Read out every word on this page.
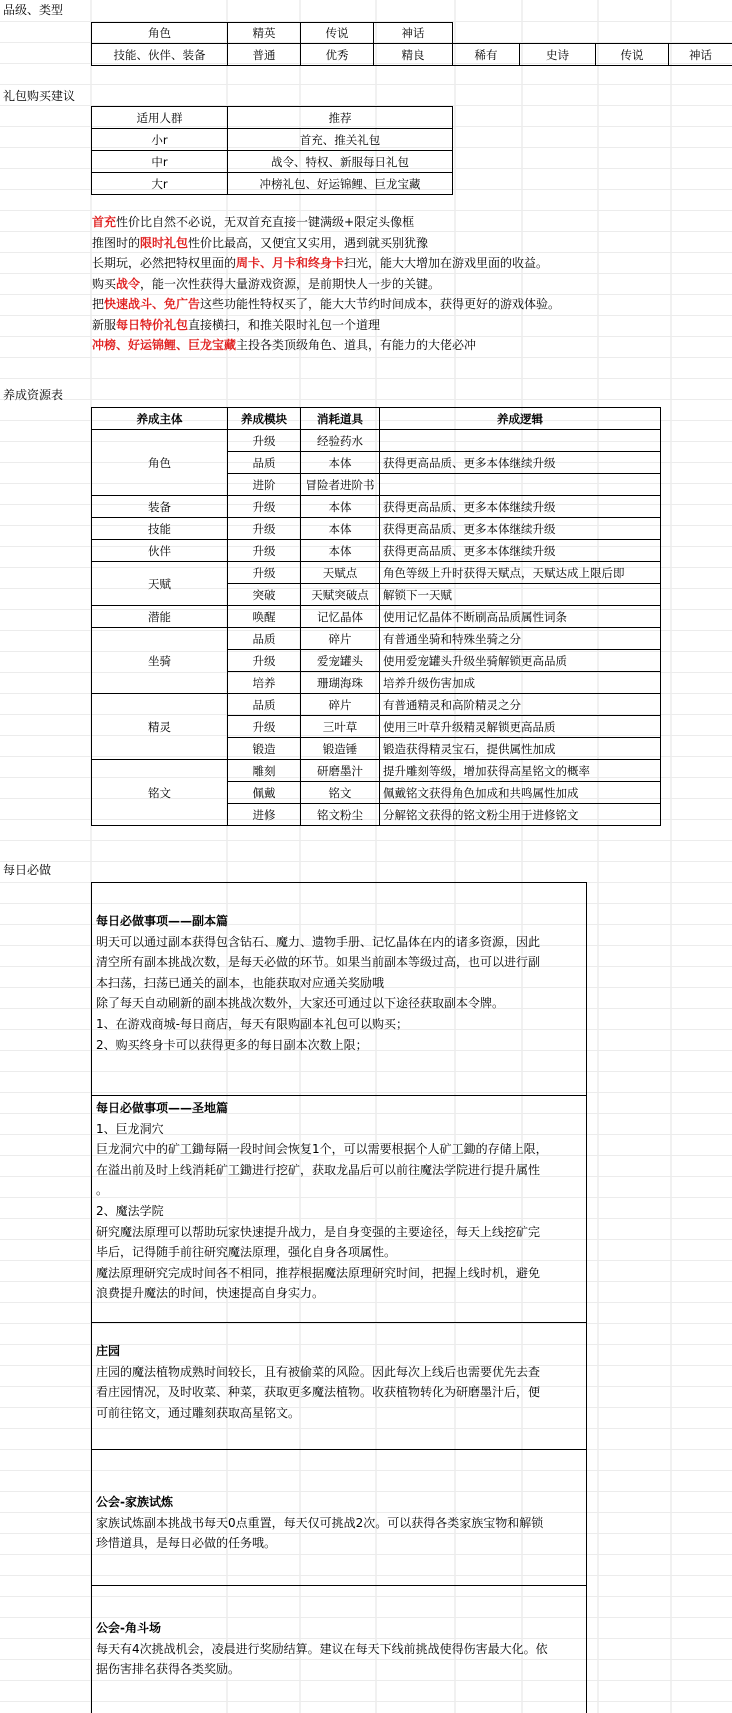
品级、类型
礼包购买建议
养成资源表
每日必做
角色	精英	传说	神话
技能、伙伴、装备	普通	优秀	精良	稀有	史诗	传说	神话
适用人群	推荐
小r	首充、推关礼包
中r	战令、特权、新服每日礼包
大r	冲榜礼包、好运锦鲤、巨龙宝藏
首充性价比自然不必说，无双首充直接一键满级+限定头像框
推图时的限时礼包性价比最高，又便宜又实用，遇到就买别犹豫
长期玩，必然把特权里面的周卡、月卡和终身卡扫光，能大大增加在游戏里面的收益。
购买战令，能一次性获得大量游戏资源，是前期快人一步的关键。
把快速战斗、免广告这些功能性特权买了，能大大节约时间成本，获得更好的游戏体验。
新服每日特价礼包直接横扫，和推关限时礼包一个道理
冲榜、好运锦鲤、巨龙宝藏主投各类顶级角色、道具，有能力的大佬必冲
养成主体	养成模块	消耗道具	养成逻辑
角色	升级	经验药水	
	品质	本体	获得更高品质、更多本体继续升级
	进阶	冒险者进阶书	
装备	升级	本体	获得更高品质、更多本体继续升级
技能	升级	本体	获得更高品质、更多本体继续升级
伙伴	升级	本体	获得更高品质、更多本体继续升级
天赋	升级	天赋点	角色等级上升时获得天赋点，天赋达成上限后即
	突破	天赋突破点	解锁下一天赋
潜能	唤醒	记忆晶体	使用记忆晶体不断刷高品质属性词条
坐骑	品质	碎片	有普通坐骑和特殊坐骑之分
	升级	爱宠罐头	使用爱宠罐头升级坐骑解锁更高品质
	培养	珊瑚海珠	培养升级伤害加成
精灵	品质	碎片	有普通精灵和高阶精灵之分
	升级	三叶草	使用三叶草升级精灵解锁更高品质
	锻造	锻造锤	锻造获得精灵宝石，提供属性加成
铭文	雕刻	研磨墨汁	提升雕刻等级，增加获得高星铭文的概率
	佩戴	铭文	佩戴铭文获得角色加成和共鸣属性加成
	进修	铭文粉尘	分解铭文获得的铭文粉尘用于进修铭文

每日必做事项——副本篇

明天可以通过副本获得包含钻石、魔力、遗物手册、记忆晶体在内的诸多资源，因此

清空所有副本挑战次数，是每天必做的环节。如果当前副本等级过高，也可以进行副

本扫荡，扫荡已通关的副本，也能获取对应通关奖励哦

除了每天自动刷新的副本挑战次数外，大家还可通过以下途径获取副本令牌。

1、在游戏商城-每日商店，每天有限购副本礼包可以购买；

2、购买终身卡可以获得更多的每日副本次数上限；

每日必做事项——圣地篇

1、巨龙洞穴

巨龙洞穴中的矿工鋤每隔一段时间会恢复1个，可以需要根据个人矿工鋤的存储上限，

在溢出前及时上线消耗矿工鋤进行挖矿，获取龙晶后可以前往魔法学院进行提升属性

。

2、魔法学院

研究魔法原理可以帮助玩家快速提升战力，是自身变强的主要途径，每天上线挖矿完

毕后，记得随手前往研究魔法原理，强化自身各项属性。

魔法原理研究完成时间各不相同，推荐根据魔法原理研究时间，把握上线时机，避免

浪费提升魔法的时间，快速提高自身实力。

庄园

庄园的魔法植物成熟时间较长，且有被偷菜的风险。因此每次上线后也需要优先去查

看庄园情况，及时收菜、种菜，获取更多魔法植物。收获植物转化为研磨墨汁后，便

可前往铭文，通过雕刻获取高星铭文。

公会-家族试炼

家族试炼副本挑战书每天0点重置，每天仅可挑战2次。可以获得各类家族宝物和解锁

珍惜道具，是每日必做的任务哦。

公会-角斗场

每天有4次挑战机会，凌晨进行奖励结算。建议在每天下线前挑战使得伤害最大化。依

据伤害排名获得各类奖励。
